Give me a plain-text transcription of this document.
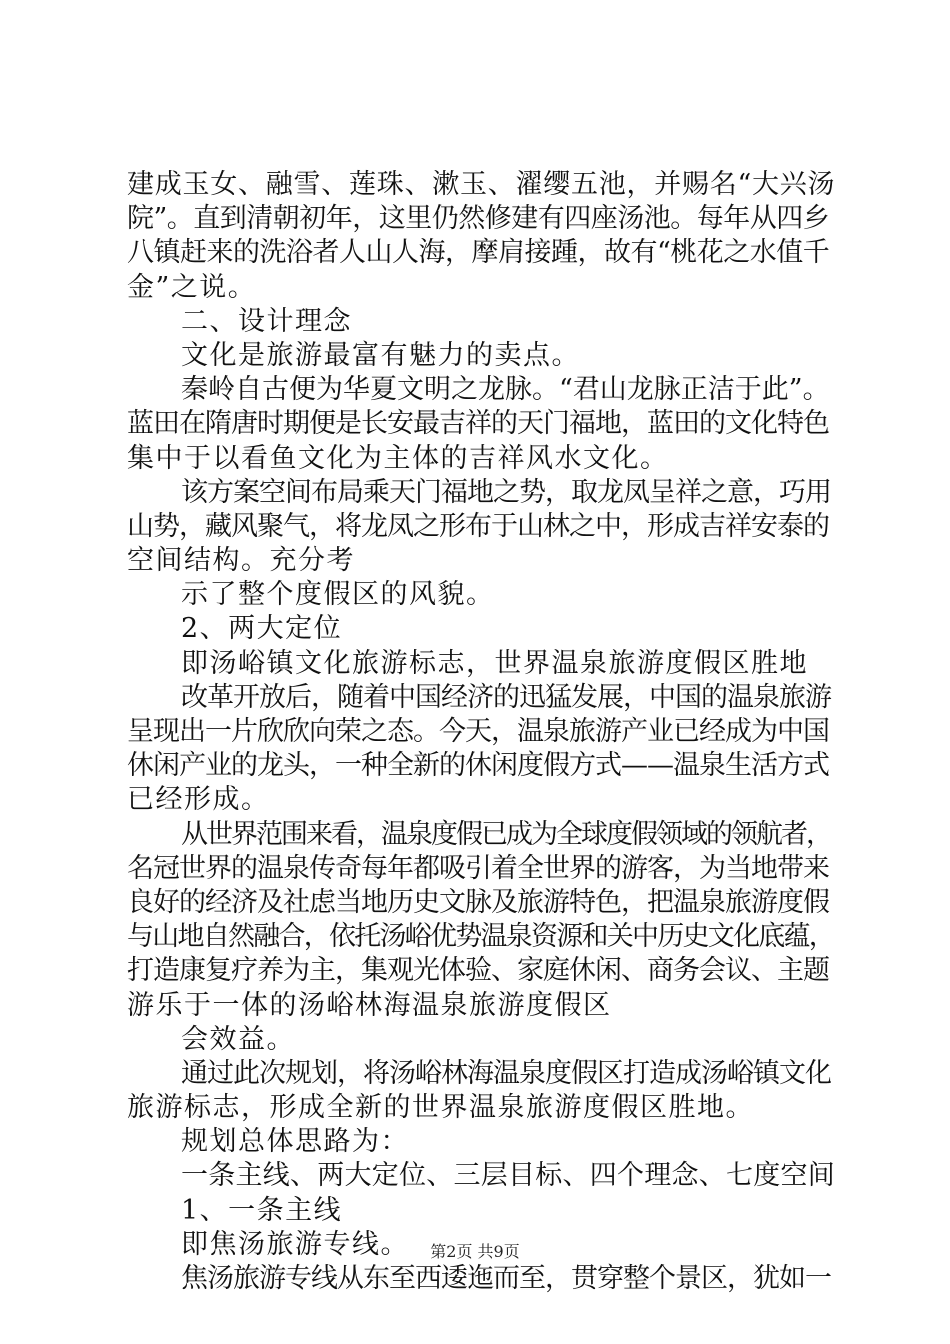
建成玉女、融雪、莲珠、漱玉、濯缨五池，并赐名“大兴汤
院”。直到清朝初年，这里仍然修建有四座汤池。每年从四乡
八镇赶来的洗浴者人山人海，摩肩接踵，故有“桃花之水值千
金”之说。
二、设计理念
文化是旅游最富有魅力的卖点。
秦岭自古便为华夏文明之龙脉。“君山龙脉正洁于此”。
蓝田在隋唐时期便是长安最吉祥的天门福地，蓝田的文化特色
集中于以看鱼文化为主体的吉祥风水文化。
该方案空间布局乘天门福地之势，取龙凤呈祥之意，巧用
山势，藏风聚气，将龙凤之形布于山林之中，形成吉祥安泰的
空间结构。充分考
示了整个度假区的风貌。
2、两大定位
即汤峪镇文化旅游标志，世界温泉旅游度假区胜地
改革开放后，随着中国经济的迅猛发展，中国的温泉旅游
呈现出一片欣欣向荣之态。今天，温泉旅游产业已经成为中国
休闲产业的龙头，一种全新的休闲度假方式——温泉生活方式
已经形成。
从世界范围来看，温泉度假已成为全球度假领域的领航者，
名冠世界的温泉传奇每年都吸引着全世界的游客，为当地带来
良好的经济及社虑当地历史文脉及旅游特色，把温泉旅游度假
与山地自然融合，依托汤峪优势温泉资源和关中历史文化底蕴，
打造康复疗养为主，集观光体验、家庭休闲、商务会议、主题
游乐于一体的汤峪林海温泉旅游度假区
会效益。
通过此次规划，将汤峪林海温泉度假区打造成汤峪镇文化
旅游标志，形成全新的世界温泉旅游度假区胜地。
规划总体思路为：
一条主线、两大定位、三层目标、四个理念、七度空间
1、一条主线
即焦汤旅游专线。
焦汤旅游专线从东至西逶迤而至，贯穿整个景区，犹如一
第2页 共9页
